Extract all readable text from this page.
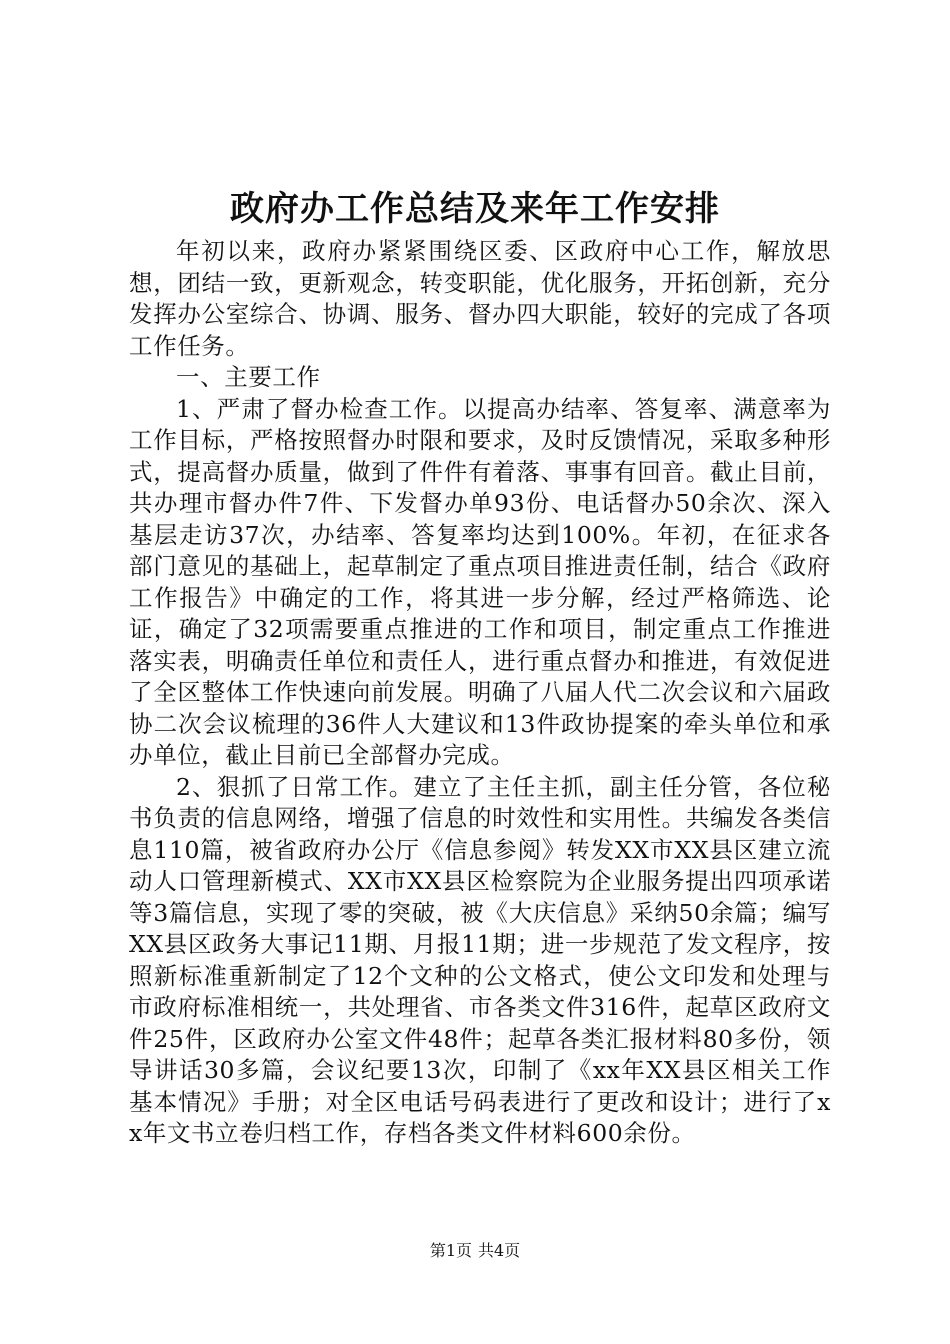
政府办工作总结及来年工作安排

年初以来，政府办紧紧围绕区委、区政府中心工作，解放思想，团结一致，更新观念，转变职能，优化服务，开拓创新，充分发挥办公室综合、协调、服务、督办四大职能，较好的完成了各项工作任务。

一、主要工作

1、严肃了督办检查工作。以提高办结率、答复率、满意率为工作目标，严格按照督办时限和要求，及时反馈情况，采取多种形式，提高督办质量，做到了件件有着落、事事有回音。截止目前，共办理市督办件7件、下发督办单93份、电话督办50余次、深入基层走访37次，办结率、答复率均达到100%。年初，在征求各部门意见的基础上，起草制定了重点项目推进责任制，结合《政府工作报告》中确定的工作，将其进一步分解，经过严格筛选、论证，确定了32项需要重点推进的工作和项目，制定重点工作推进落实表，明确责任单位和责任人，进行重点督办和推进，有效促进了全区整体工作快速向前发展。明确了八届人代二次会议和六届政协二次会议梳理的36件人大建议和13件政协提案的牵头单位和承办单位，截止目前已全部督办完成。

2、狠抓了日常工作。建立了主任主抓，副主任分管，各位秘书负责的信息网络，增强了信息的时效性和实用性。共编发各类信息110篇，被省政府办公厅《信息参阅》转发XX市XX县区建立流动人口管理新模式、XX市XX县区检察院为企业服务提出四项承诺等3篇信息，实现了零的突破，被《大庆信息》采纳50余篇；编写XX县区政务大事记11期、月报11期；进一步规范了发文程序，按照新标准重新制定了12个文种的公文格式，使公文印发和处理与市政府标准相统一，共处理省、市各类文件316件，起草区政府文件25件，区政府办公室文件48件；起草各类汇报材料80多份，领导讲话30多篇，会议纪要13次，印制了《xx年XX县区相关工作基本情况》手册；对全区电话号码表进行了更改和设计；进行了xx年文书立卷归档工作，存档各类文件材料600余份。

第1页 共4页
